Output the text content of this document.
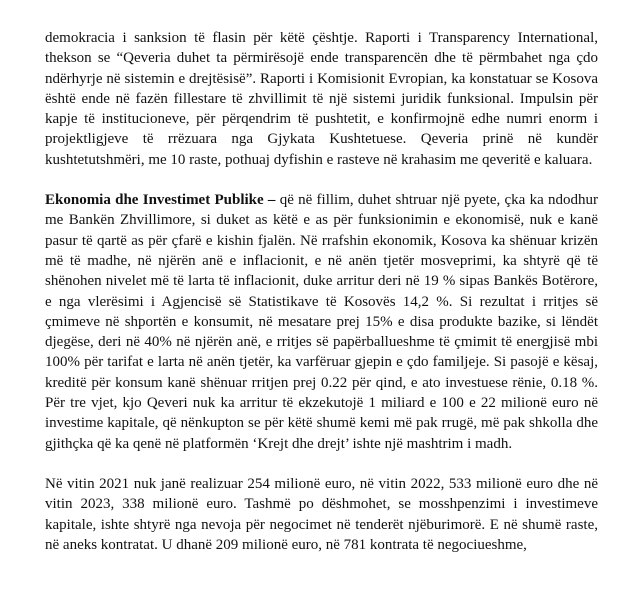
demokracia i sanksion të flasin për këtë çështje. Raporti i Transparency International, thekson se “Qeveria duhet ta përmirësojë ende transparencën dhe të përmbahet nga çdo ndërhyrje në sistemin e drejtësisë”. Raporti i Komisionit Evropian, ka konstatuar se Kosova është ende në fazën fillestare të zhvillimit të një sistemi juridik funksional. Impulsin për kapje të institucioneve, për përqendrim të pushtetit, e konfirmojnë edhe numri enorm i projektligjeve të rrëzuara nga Gjykata Kushtetuese. Qeveria prinë në kundër kushtetutshmëri, me 10 raste, pothuaj dyfishin e rasteve në krahasim me qeveritë e kaluara.

Ekonomia dhe Investimet Publike – që në fillim, duhet shtruar një pyete, çka ka ndodhur me Bankën Zhvillimore, si duket as këtë e as për funksionimin e ekonomisë, nuk e kanë pasur të qartë as për çfarë e kishin fjalën. Në rrafshin ekonomik, Kosova ka shënuar krizën më të madhe, në njërën anë e inflacionit, e në anën tjetër mosveprimi, ka shtyrë që të shënohen nivelet më të larta të inflacionit, duke arritur deri në 19 % sipas Bankës Botërore, e nga vlerësimi i Agjencisë së Statistikave të Kosovës 14,2 %. Si rezultat i rritjes së çmimeve në shportën e konsumit, në mesatare prej 15% e disa produkte bazike, si lëndët djegëse, deri në 40% në njërën anë, e rritjes së papërballueshme të çmimit të energjisë mbi 100% për tarifat e larta në anën tjetër, ka varfëruar gjepin e çdo familjeje. Si pasojë e kësaj, kreditë për konsum kanë shënuar rritjen prej 0.22 për qind, e ato investuese rënie, 0.18 %. Për tre vjet, kjo Qeveri nuk ka arritur të ekzekutojë 1 miliard e 100 e 22 milionë euro në investime kapitale, që nënkupton se për këtë shumë kemi më pak rrugë, më pak shkolla dhe gjithçka që ka qenë në platformën ‘Krejt dhe drejt’ ishte një mashtrim i madh.

Në vitin 2021 nuk janë realizuar 254 milionë euro, në vitin 2022, 533 milionë euro dhe në vitin 2023, 338 milionë euro. Tashmë po dëshmohet, se mosshpenzimi i investimeve kapitale, ishte shtyrë nga nevoja për negocimet në tenderët njëburimorë. E në shumë raste, në aneks kontratat. U dhanë 209 milionë euro, në 781 kontrata të negociueshme,
